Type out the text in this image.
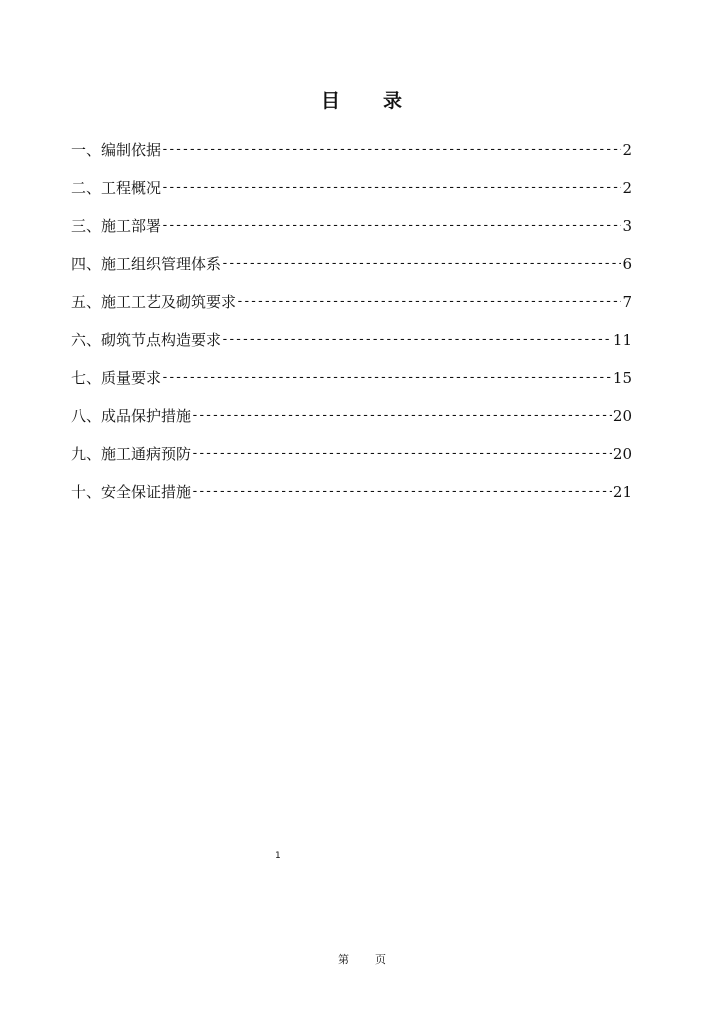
目 录
一、编制依据 -----	2
二、工程概况 -----	2
三、施工部署 -----	3
四、施工组织管理体系 -----	6
五、施工工艺及砌筑要求 -----	7
六、砌筑节点构造要求 -----	11
七、质量要求 -----	15
八、成品保护措施 -----	20
九、施工通病预防 -----	20
十、安全保证措施 -----	21
1
第 页
